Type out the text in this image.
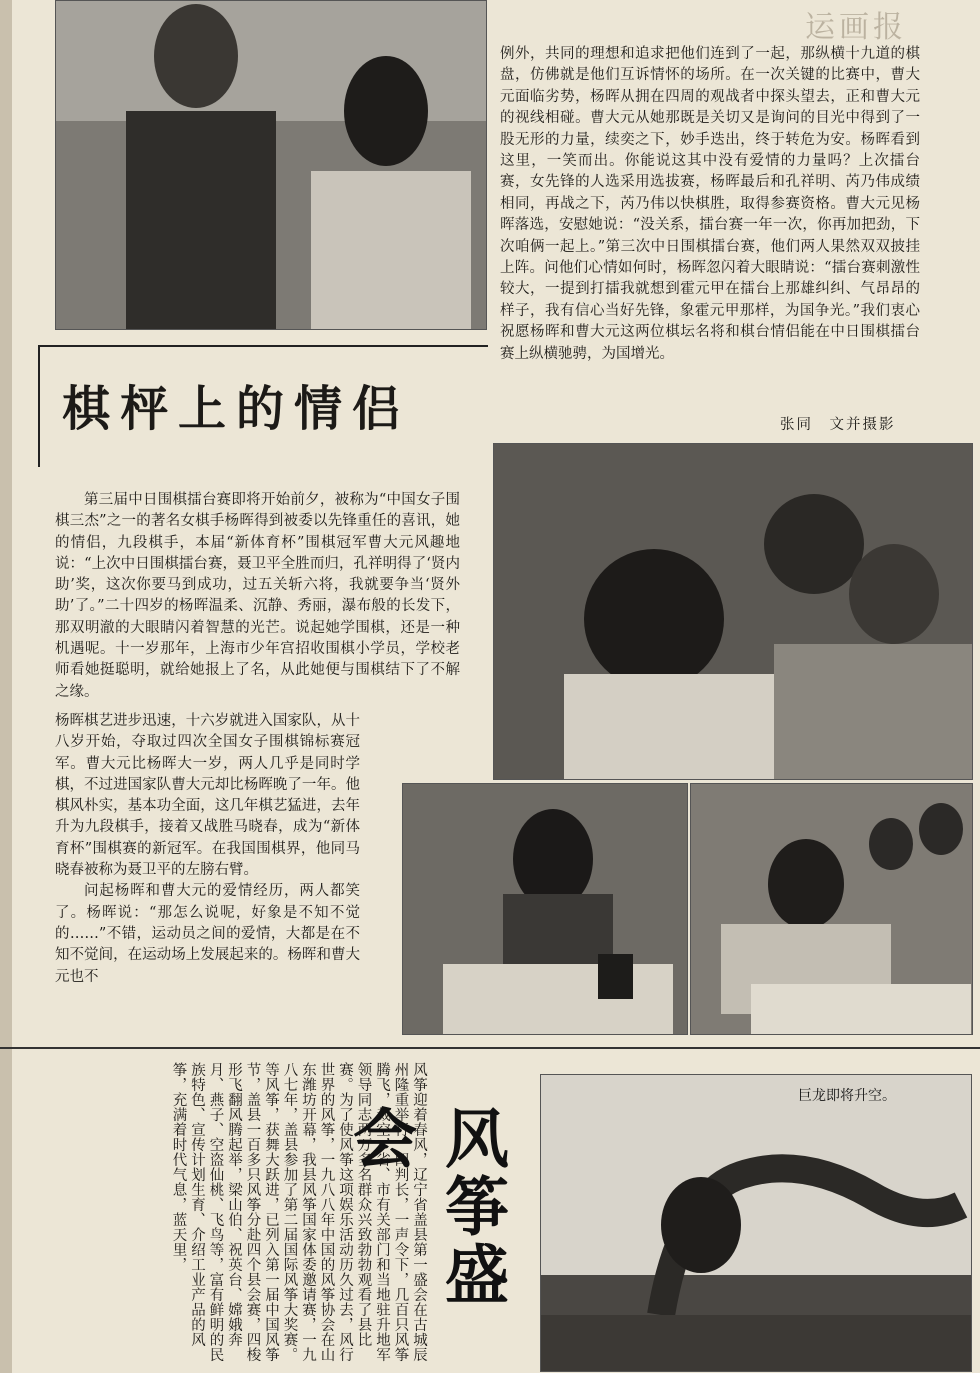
运画报

例外，共同的理想和追求把他们连到了一起，那纵横十九道的棋盘，仿佛就是他们互诉情怀的场所。在一次关键的比赛中，曹大元面临劣势，杨晖从拥在四周的观战者中探头望去，正和曹大元的视线相碰。曹大元从她那既是关切又是询问的目光中得到了一股无形的力量，续奕之下，妙手迭出，终于转危为安。杨晖看到这里，一笑而出。你能说这其中没有爱情的力量吗？上次擂台赛，女先锋的人选采用选拔赛，杨晖最后和孔祥明、芮乃伟成绩相同，再战之下，芮乃伟以快棋胜，取得参赛资格。曹大元见杨晖落选，安慰她说：“没关系，擂台赛一年一次，你再加把劲，下次咱俩一起上。”第三次中日围棋擂台赛，他们两人果然双双披挂上阵。问他们心情如何时，杨晖忽闪着大眼睛说：“擂台赛刺激性较大，一提到打擂我就想到霍元甲在擂台上那雄纠纠、气昂昂的样子，我有信心当好先锋，象霍元甲那样，为国争光。”我们衷心祝愿杨晖和曹大元这两位棋坛名将和棋台情侣能在中日围棋擂台赛上纵横驰骋，为国增光。

棋枰上的情侣	张同　文并摄影

第三届中日围棋擂台赛即将开始前夕，被称为“中国女子围棋三杰”之一的著名女棋手杨晖得到被委以先锋重任的喜讯，她的情侣，九段棋手，本届“新体育杯”围棋冠军曹大元风趣地说：“上次中日围棋擂台赛，聂卫平全胜而归，孔祥明得了‘贤内助’奖，这次你要马到成功，过五关斩六将，我就要争当‘贤外助’了。”二十四岁的杨晖温柔、沉静、秀丽，瀑布般的长发下，那双明澈的大眼睛闪着智慧的光芒。说起她学围棋，还是一种机遇呢。十一岁那年，上海市少年宫招收围棋小学员，学校老师看她挺聪明，就给她报上了名，从此她便与围棋结下了不解之缘。

杨晖棋艺进步迅速，十六岁就进入国家队，从十八岁开始，夺取过四次全国女子围棋锦标赛冠军。曹大元比杨晖大一岁，两人几乎是同时学棋，不过进国家队曹大元却比杨晖晚了一年。他棋风朴实，基本功全面，这几年棋艺猛进，去年升为九段棋手，接着又战胜马晓春，成为“新体育杯”围棋赛的新冠军。在我国围棋界，他同马晓春被称为聂卫平的左膀右臂。

问起杨晖和曹大元的爱情经历，两人都笑了。杨晖说：“那怎么说呢，好象是不知不觉的……”不错，运动员之间的爱情，大都是在不知不觉间，在运动场上发展起来的。杨晖和曹大元也不

风筝迎着春风，辽宁省盖县第一盛会在古城辰州隆重举行。四判长，一声令下，几百只风筝腾飞，裁空，省、市有关部门和当地驻升地军领导同志两万多名群众兴致勃勃观看了县比赛。为了使风筝这项娱乐活动历久过去，风行世界的风筝，一九八八年中国的风筝协会在山东潍坊开幕，我县风筝国家体委邀请赛，一九八七年，盖县参加了第二届国际风筝大奖赛。等风筝，获舞大跃进，已列入第一届中国风筝节，盖县一百多只风筝分赴四个县会赛，四梭形飞翻风腾起举，梁山伯、祝英台、嫦娥奔月、燕子、空盗仙桃、飞鸟等，富有鲜明的民族特色、宣传计划生育、介绍工业产品的风筝，充满着时代气息，蓝天里，	风筝盛会
巨龙即将升空。
